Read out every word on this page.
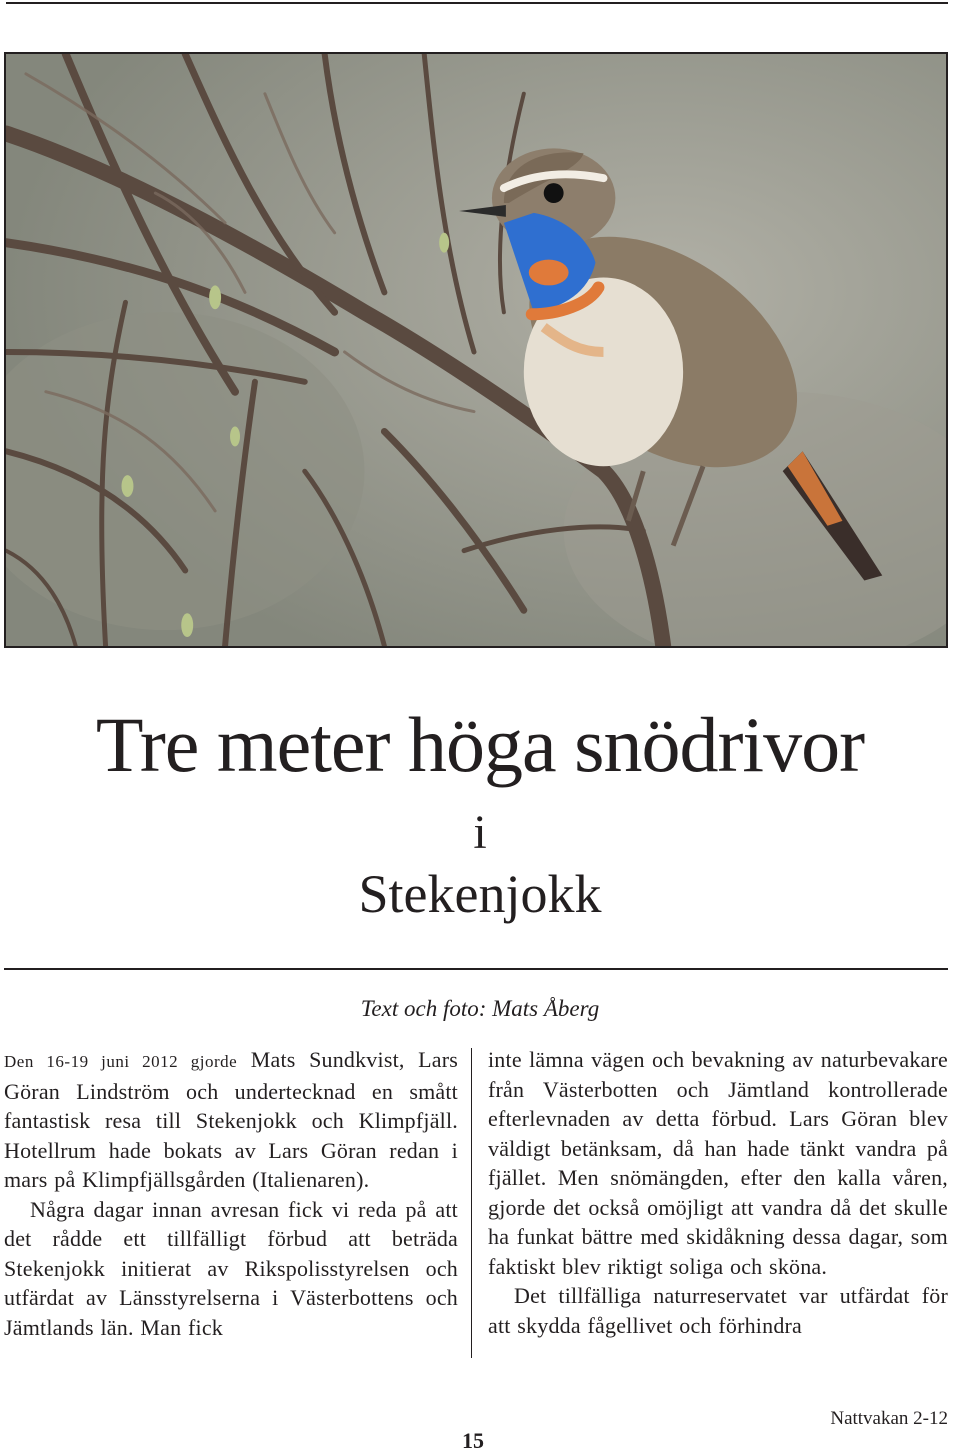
Tre meter höga snödrivor
i
Stekenjokk
Text och foto: Mats Åberg

Den 16-19 juni 2012 gjorde Mats Sundkvist, Lars Göran Lindström och undertecknad en smått fantastisk resa till Stekenjokk och Klimpfjäll. Hotellrum hade bokats av Lars Göran redan i mars på Klimpfjällsgården (Italienaren).

Några dagar innan avresan fick vi reda på att det rådde ett tillfälligt förbud att beträda Stekenjokk initierat av Rikspolisstyrelsen och utfärdat av Länsstyrelserna i Västerbottens och Jämtlands län. Man fick

inte lämna vägen och bevakning av naturbevakare från Västerbotten och Jämtland kontrollerade efterlevnaden av detta förbud. Lars Göran blev väldigt betänksam, då han hade tänkt vandra på fjället. Men snömängden, efter den kalla våren, gjorde det också omöjligt att vandra då det skulle ha funkat bättre med skidåkning dessa dagar, som faktiskt blev riktigt soliga och sköna.

Det tillfälliga naturreservatet var utfärdat för att skydda fågellivet och förhindra

15
Nattvakan 2-12
